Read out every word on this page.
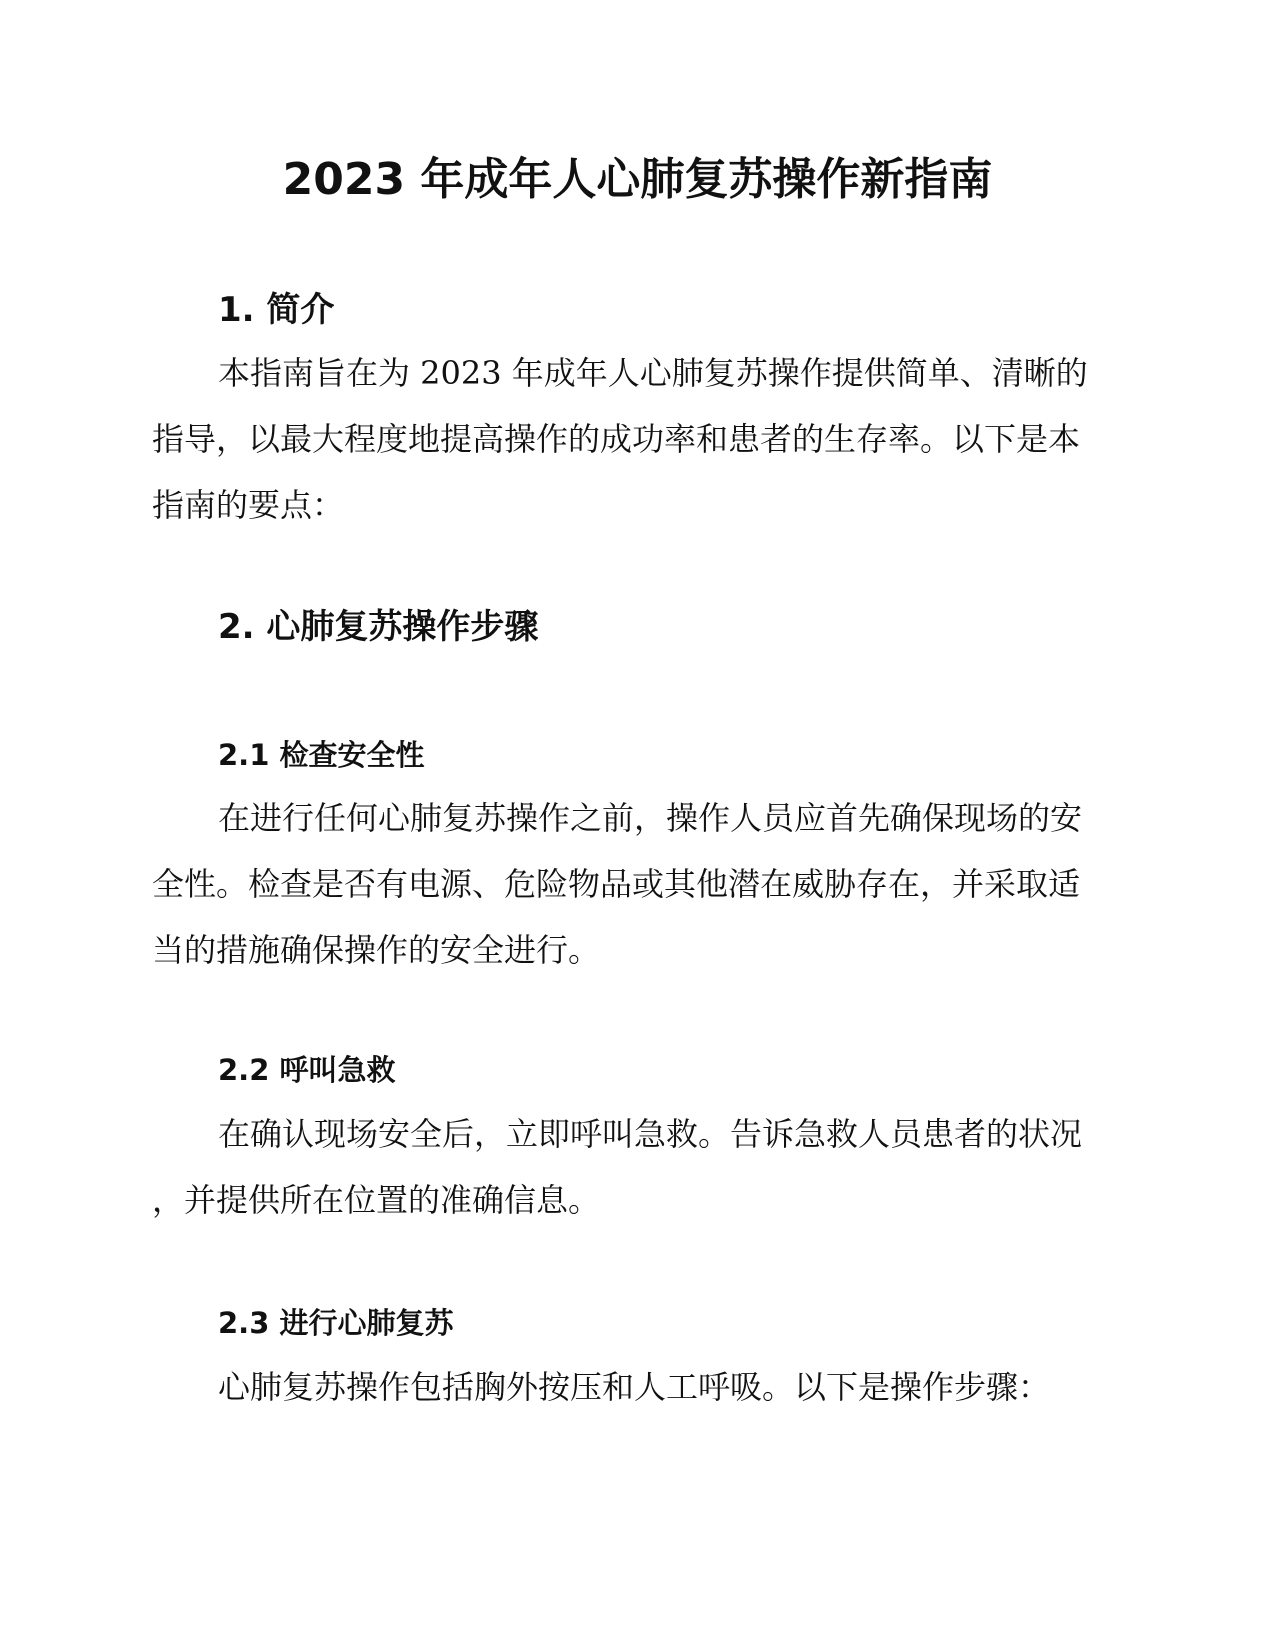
2023 年成年人心肺复苏操作新指南
1. 简介

本指南旨在为 2023 年成年人心肺复苏操作提供简单、清晰的
指导，以最大程度地提高操作的成功率和患者的生存率。以下是本
指南的要点：

2. 心肺复苏操作步骤
2.1 检查安全性

在进行任何心肺复苏操作之前，操作人员应首先确保现场的安
全性。检查是否有电源、危险物品或其他潜在威胁存在，并采取适
当的措施确保操作的安全进行。

2.2 呼叫急救

在确认现场安全后，立即呼叫急救。告诉急救人员患者的状况
，并提供所在位置的准确信息。

2.3 进行心肺复苏

心肺复苏操作包括胸外按压和人工呼吸。以下是操作步骤：
